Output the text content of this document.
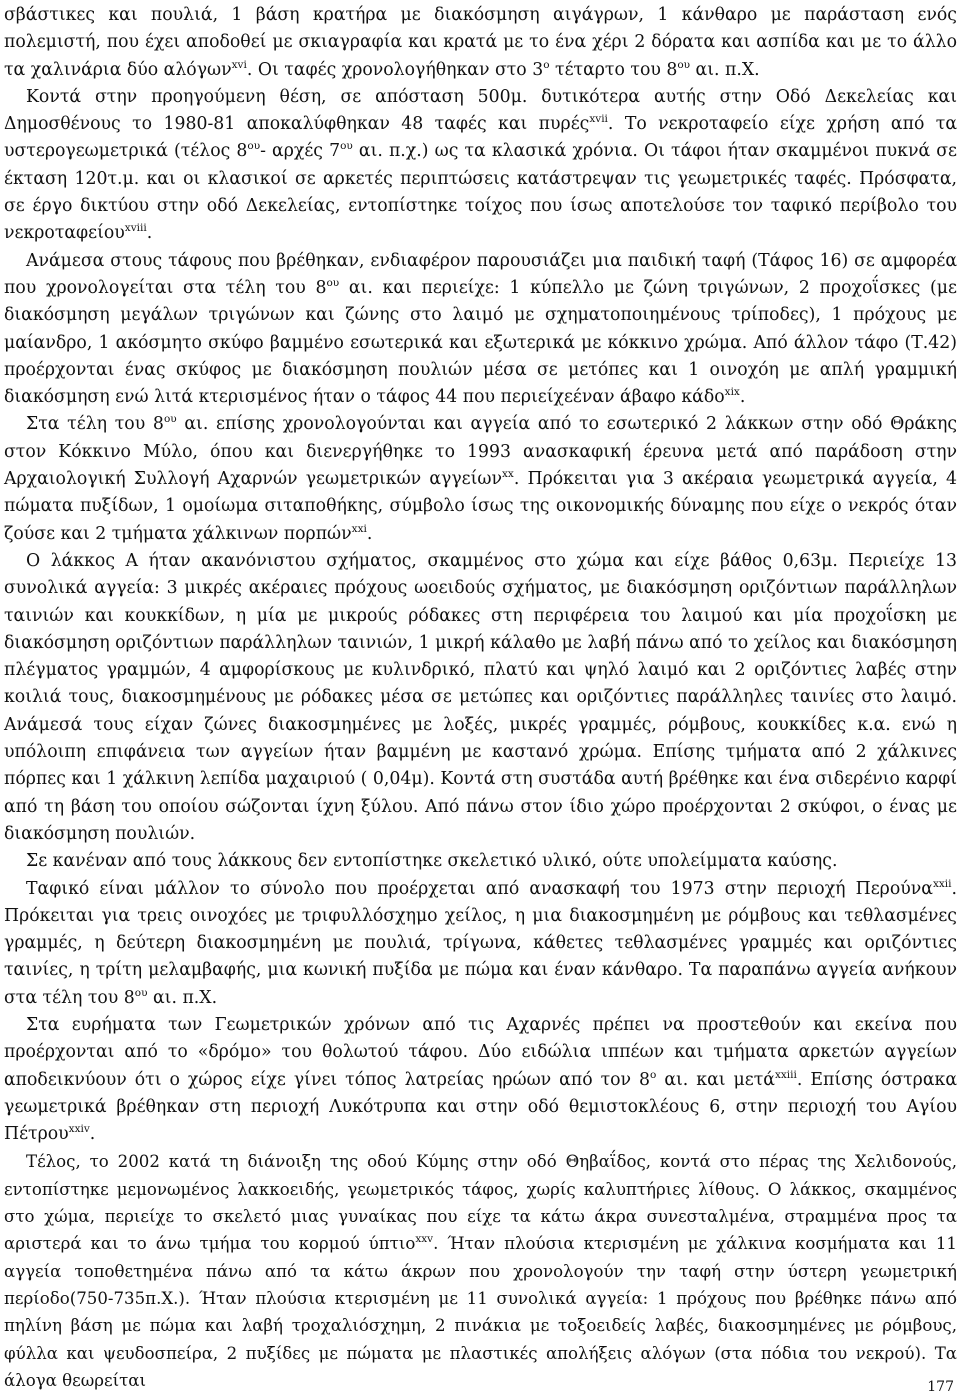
σβάστικες και πουλιά, 1 βάση κρατήρα με διακόσμηση αιγάγρων, 1 κάνθαρο με παράσταση ενός πολεμιστή, που έχει αποδοθεί με σκιαγραφία και κρατά με το ένα χέρι 2 δόρατα και ασπίδα και με το άλλο τα χαλινάρια δύο αλόγων$^{xvi}$. Οι ταφές χρονολογήθηκαν στο $3^o$ τέταρτο του $8^{o\upsilon}$ αι. π.Χ.

Κοντά στην προηγούμενη θέση, σε απόσταση 500μ. δυτικότερα αυτής στην Οδό Δεκελείας και Δημοσθένους το 1980-81 αποκαλύφθηκαν 48 ταφές και πυρές$^{xvii}$. Το νεκροταφείο είχε χρήση από τα υστερογεωμετρικά (τέλος $8^{o\upsilon}-$ αρχές $7^{o\upsilon}$ αι. π.χ.) ως τα κλασικά χρόνια. Οι τάφοι ήταν σκαμμένοι πυκνά σε έκταση 120τ.μ. και οι κλασικοί σε αρκετές περιπτώσεις κατάστρεψαν τις γεωμετρικές ταφές. Πρόσφατα, σε έργο δικτύου στην οδό Δεκελείας, εντοπίστηκε τοίχος που ίσως αποτελούσε τον ταφικό περίβολο του νεκροταφείου$^{xviii}$.

Ανάμεσα στους τάφους που βρέθηκαν, ενδιαφέρον παρουσιάζει μια παιδική ταφή (Τάφος 16) σε αμφορέα που χρονολογείται στα τέλη του $8^{o\upsilon}$ αι. και περιείχε: 1 κύπελλο με ζώνη τριγώνων, 2 προχοΐσκες (με διακόσμηση μεγάλων τριγώνων και ζώνης στο λαιμό με σχηματοποιημένους τρίποδες), 1 πρόχους με μαίανδρο, 1 ακόσμητο σκύφο βαμμένο εσωτερικά και εξωτερικά με κόκκινο χρώμα. Από άλλον τάφο (Τ.42) προέρχονται ένας σκύφος με διακόσμηση πουλιών μέσα σε μετόπες και 1 οινοχόη με απλή γραμμική διακόσμηση ενώ λιτά κτερισμένος ήταν ο τάφος 44 που περιείχεέναν άβαφο κάδο$^{xix}$.

Στα τέλη του $8^{o\upsilon}$ αι. επίσης χρονολογούνται και αγγεία από το εσωτερικό 2 λάκκων στην οδό Θράκης στον Κόκκινο Μύλο, όπου και διενεργήθηκε το 1993 ανασκαφική έρευνα μετά από παράδοση στην Αρχαιολογική Συλλογή Αχαρνών γεωμετρικών αγγείων$^{xx}$. Πρόκειται για 3 ακέραια γεωμετρικά αγγεία, 4 πώματα πυξίδων, 1 ομοίωμα σιταποθήκης, σύμβολο ίσως της οικονομικής δύναμης που είχε ο νεκρός όταν ζούσε και 2 τμήματα χάλκινων πορπών$^{xxi}$.

Ο λάκκος Α ήταν ακανόνιστου σχήματος, σκαμμένος στο χώμα και είχε βάθος 0,63μ. Περιείχε 13 συνολικά αγγεία: 3 μικρές ακέραιες πρόχους ωοειδούς σχήματος, με διακόσμηση οριζόντιων παράλληλων ταινιών και κουκκίδων, η μία με μικρούς ρόδακες στη περιφέρεια του λαιμού και μία προχοΐσκη με διακόσμηση οριζόντιων παράλληλων ταινιών, 1 μικρή κάλαθο με λαβή πάνω από το χείλος και διακόσμηση πλέγματος γραμμών, 4 αμφορίσκους με κυλινδρικό, πλατύ και ψηλό λαιμό και 2 οριζόντιες λαβές στην κοιλιά τους, διακοσμημένους με ρόδακες μέσα σε μετώπες και οριζόντιες παράλληλες ταινίες στο λαιμό. Ανάμεσά τους είχαν ζώνες διακοσμημένες με λοξές, μικρές γραμμές, ρόμβους, κουκκίδες κ.α. ενώ η υπόλοιπη επιφάνεια των αγγείων ήταν βαμμένη με καστανό χρώμα. Επίσης τμήματα από 2 χάλκινες πόρπες και 1 χάλκινη λεπίδα μαχαιριού ( 0,04μ). Κοντά στη συστάδα αυτή βρέθηκε και ένα σιδερένιο καρφί από τη βάση του οποίου σώζονται ίχνη ξύλου. Από πάνω στον ίδιο χώρο προέρχονται 2 σκύφοι, ο ένας με διακόσμηση πουλιών.

Σε κανέναν από τους λάκκους δεν εντοπίστηκε σκελετικό υλικό, ούτε υπολείμματα καύσης.

Ταφικό είναι μάλλον το σύνολο που προέρχεται από ανασκαφή του 1973 στην περιοχή Περούνα$^{xxii}$. Πρόκειται για τρεις οινοχόες με τριφυλλόσχημο χείλος, η μια διακοσμημένη με ρόμβους και τεθλασμένες γραμμές, η δεύτερη διακοσμημένη με πουλιά, τρίγωνα, κάθετες τεθλασμένες γραμμές και οριζόντιες ταινίες, η τρίτη μελαμβαφής, μια κωνική πυξίδα με πώμα και έναν κάνθαρο. Τα παραπάνω αγγεία ανήκουν στα τέλη του $8^{o\upsilon}$ αι. π.Χ.

Στα ευρήματα των Γεωμετρικών χρόνων από τις Αχαρνές πρέπει να προστεθούν και εκείνα που προέρχονται από το «δρόμο» του θολωτού τάφου. Δύο ειδώλια ιππέων και τμήματα αρκετών αγγείων αποδεικνύουν ότι ο χώρος είχε γίνει τόπος λατρείας ηρώων από τον $8^o$ αι. και μετά$^{xxiii}$. Επίσης όστρακα γεωμετρικά βρέθηκαν στη περιοχή Λυκότρυπα και στην οδό θεμιστοκλέους 6, στην περιοχή του Αγίου Πέτρου$^{xxiv}$.

Τέλος, το 2002 κατά τη διάνοιξη της οδού Κύμης στην οδό Θηβαΐδος, κοντά στο πέρας της Χελιδονούς, εντοπίστηκε μεμονωμένος λακκοειδής, γεωμετρικός τάφος, χωρίς καλυπτήριες λίθους. Ο λάκκος, σκαμμένος στο χώμα, περιείχε το σκελετό μιας γυναίκας που είχε τα κάτω άκρα συνεσταλμένα, στραμμένα προς τα αριστερά και το άνω τμήμα του κορμού ύπτιο$^{xxv}$. Ήταν πλούσια κτερισμένη με χάλκινα κοσμήματα και 11 αγγεία τοποθετημένα πάνω από τα κάτω άκρων που χρονολογούν την ταφή στην ύστερη γεωμετρική περίοδο(750-735π.Χ.). Ήταν πλούσια κτερισμένη με 11 συνολικά αγγεία: 1 πρόχους που βρέθηκε πάνω από πηλίνη βάση με πώμα και λαβή τροχαλιόσχημη, 2 πινάκια με τοξοειδείς λαβές, διακοσμημένες με ρόμβους, φύλλα και ψευδοσπείρα, 2 πυξίδες με πώματα με πλαστικές απολήξεις αλόγων (στα πόδια του νεκρού). Τα άλογα θεωρείται	177
